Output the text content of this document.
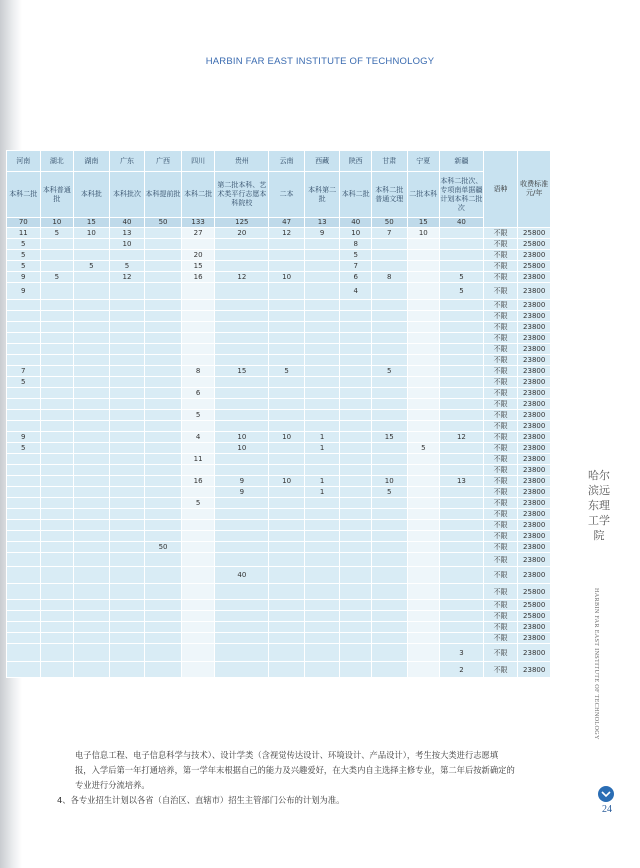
HARBIN FAR EAST INSTITUTE OF TECHNOLOGY
河南	湖北	湖南	广东	广西	四川	贵州	云南	西藏	陕西	甘肃	宁夏	新疆	语种	收费标准元/年
本科二批	本科普通批	本科批	本科批次	本科提前批	本科二批	第二批本科、艺术类平行志愿本科院校	二本	本科第二批	本科二批	本科二批普通文理	二批本科	本科二批次、专项南单据疆计划本科二批次		
70	10	15	40	50	133	125	47	13	40	50	15	40		
11	5	10	13		27	20	12	9	10	7	10		不限	25800
5			10						8				不限	25800
5					20				5				不限	23800
5		5	5		15				7				不限	25800
9	5		12		16	12	10		6	8		5	不限	23800
9									4			5	不限	23800
													不限	23800
													不限	23800
													不限	23800
													不限	23800
													不限	23800
													不限	23800
7					8	15	5			5			不限	23800
5													不限	23800
					6								不限	23800
													不限	23800
					5								不限	23800
													不限	23800
9					4	10	10	1		15		12	不限	23800
5						10		1			5		不限	23800
					11								不限	23800
													不限	23800
					16	9	10	1		10		13	不限	23800
						9		1		5			不限	23800
					5								不限	23800
													不限	23800
													不限	23800
													不限	23800
				50									不限	23800
													不限	23800
						40							不限	23800
													不限	25800
													不限	25800
													不限	25800
													不限	23800
													不限	23800
												3	不限	23800
												2	不限	23800

电子信息工程、电子信息科学与技术）、设计学类（含视觉传达设计、环境设计、产品设计），考生按大类进行志愿填

报，入学后第一年打通培养，第一学年末根据自己的能力及兴趣爱好，在大类内自主选择主修专业，第二年后按新确定的

专业进行分流培养。

4、各专业招生计划以各省（自治区、直辖市）招生主管部门公布的计划为准。

哈尔滨远东理工学院
HARBIN FAR EAST INSTITUTE OF TECHNOLOGY
24
